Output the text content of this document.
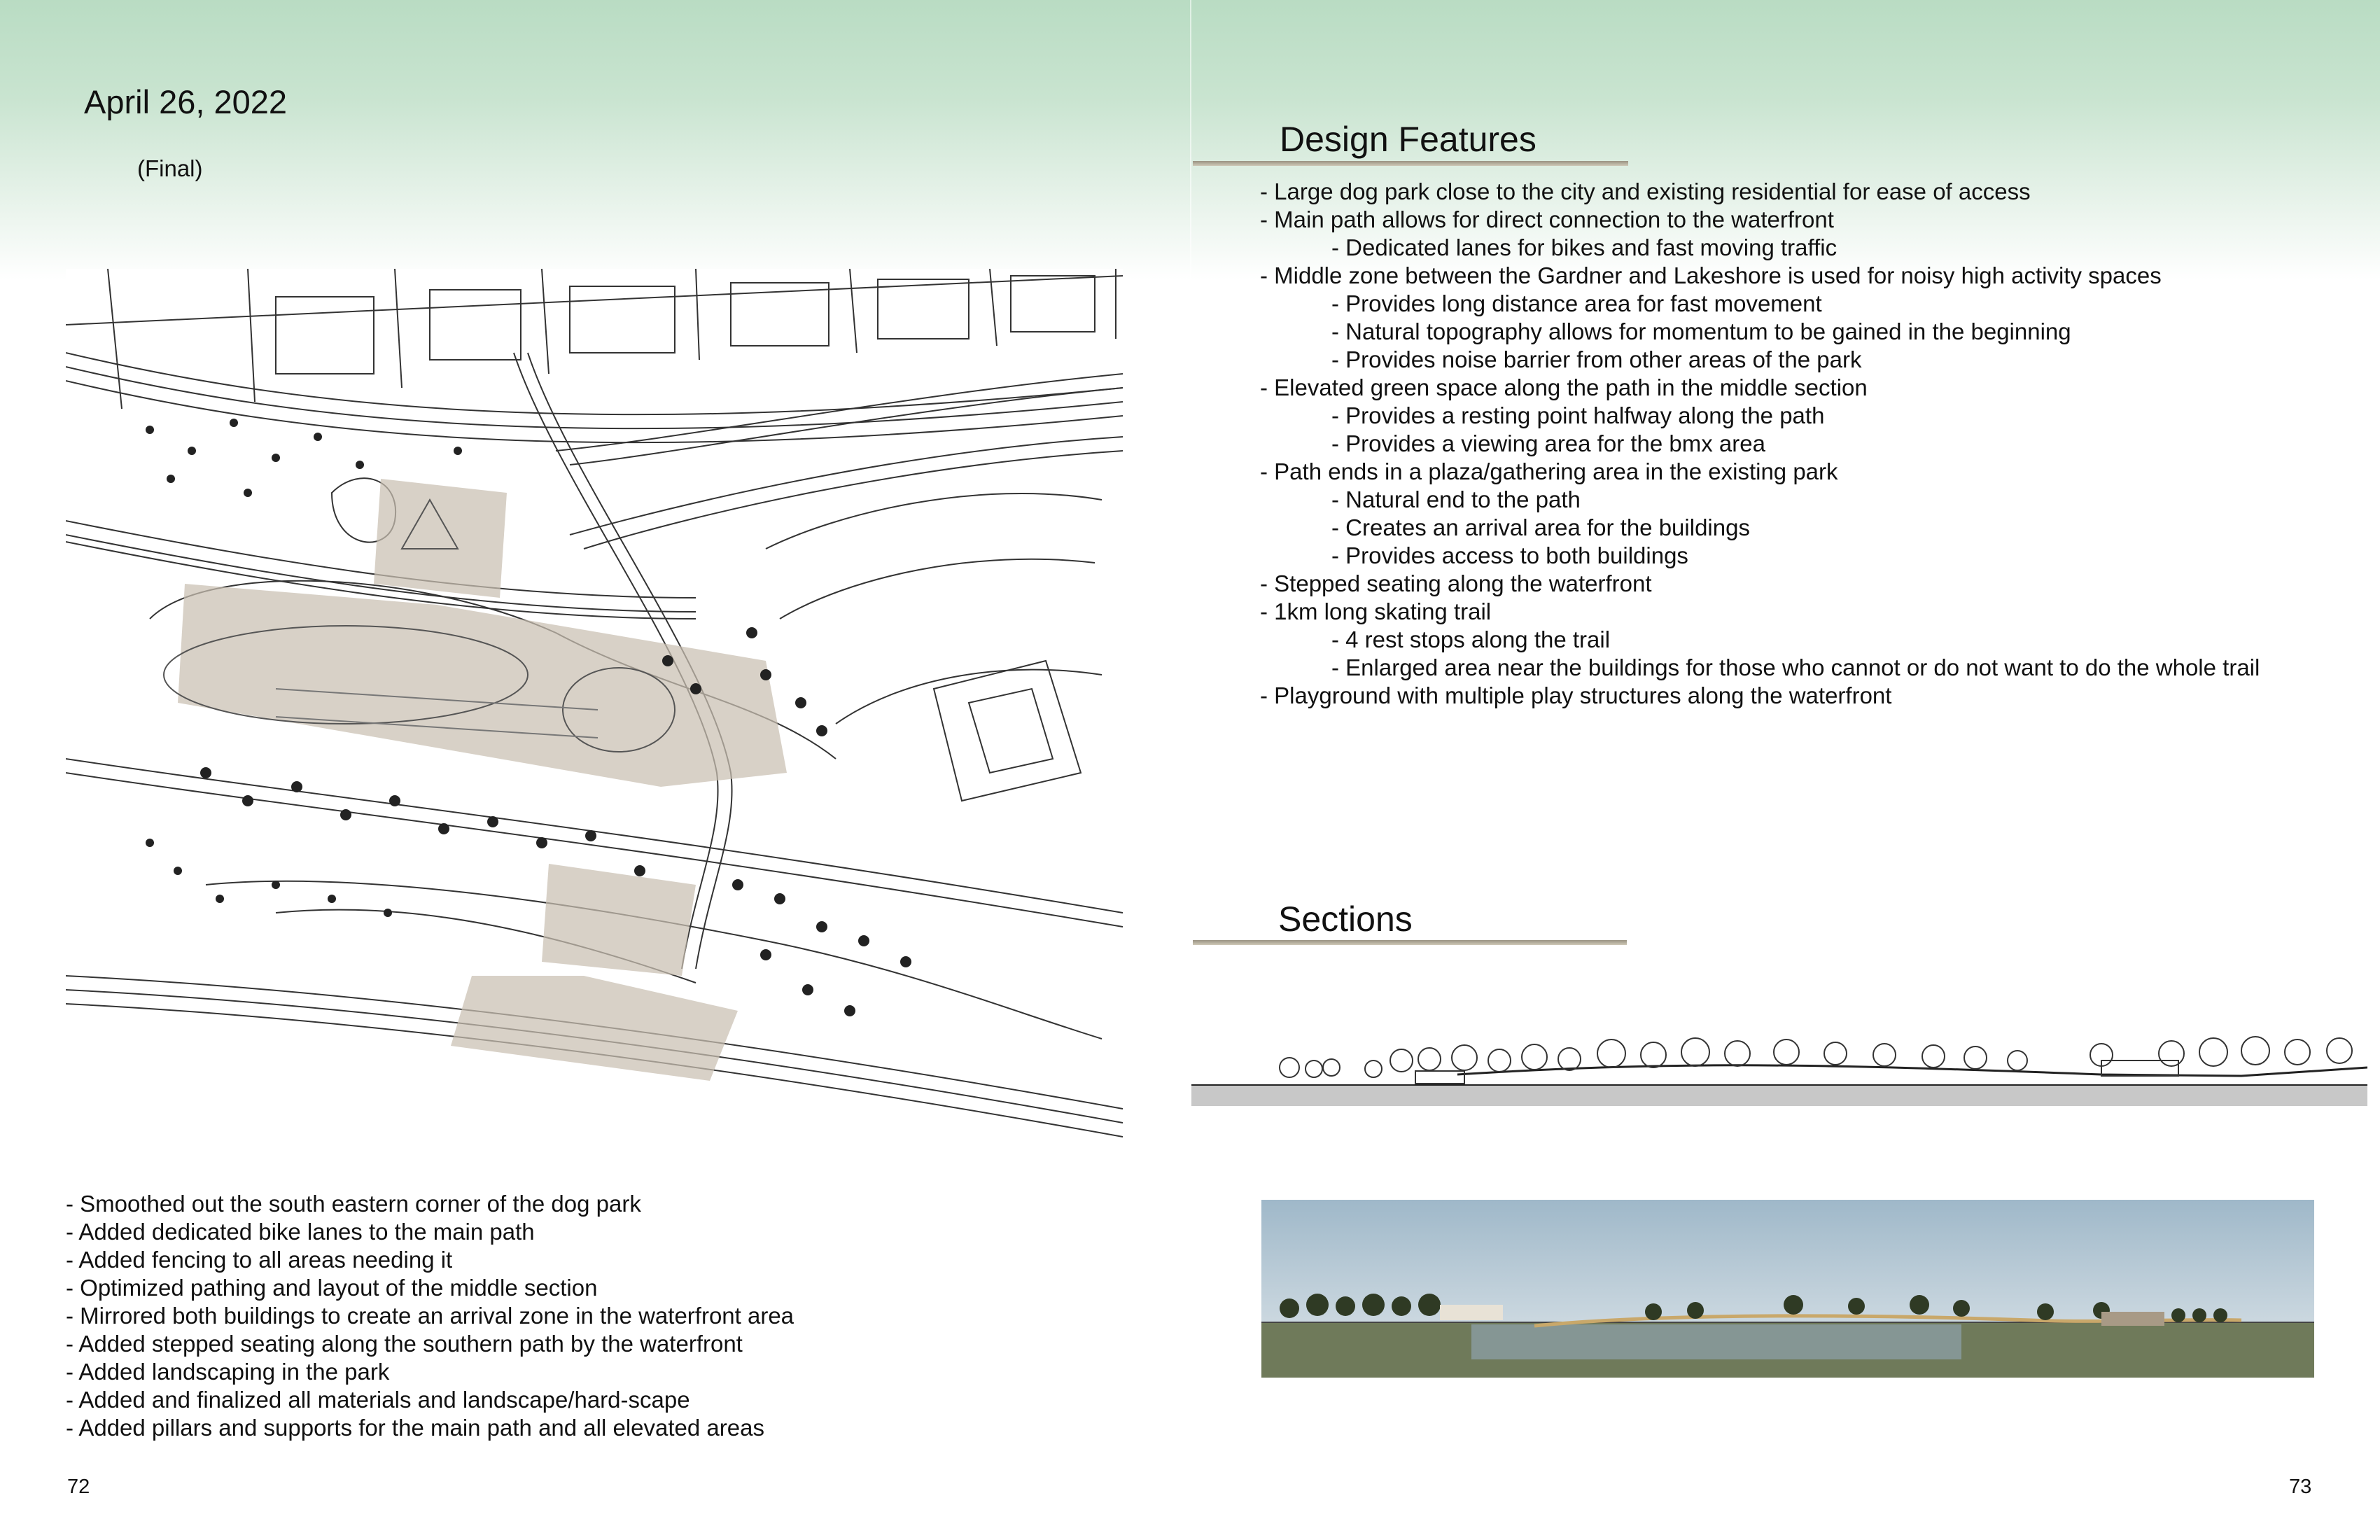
April 26, 2022
(Final)
- Smoothed out the south eastern corner of the dog park
- Added dedicated bike lanes to the main path
- Added fencing to all areas needing it
- Optimized pathing and layout of the middle section
- Mirrored both buildings to create an arrival zone in the waterfront area
- Added stepped seating along the southern path by the waterfront
- Added landscaping in the park
- Added and finalized all materials and landscape/hard-scape
- Added pillars and supports for the main path and all elevated areas
72
Design Features
- Large dog park close to the city and existing residential for ease of access
- Main path allows for direct connection to the waterfront
- Dedicated lanes for bikes and fast moving traffic
- Middle zone between the Gardner and Lakeshore is used for noisy high activity spaces
- Provides long distance area for fast movement
- Natural topography allows for momentum to be gained in the beginning
- Provides noise barrier from other areas of the park
- Elevated green space along the path in the middle section
- Provides a resting point halfway along the path
- Provides a viewing area for the bmx area
- Path ends in a plaza/gathering area in the existing park
- Natural end to the path
- Creates an arrival area for the buildings
- Provides access to both buildings
- Stepped seating along the waterfront
- 1km long skating trail
- 4 rest stops along the trail
- Enlarged area near the buildings for those who cannot or do not want to do the whole trail
- Playground with multiple play structures along the waterfront
Sections
73
